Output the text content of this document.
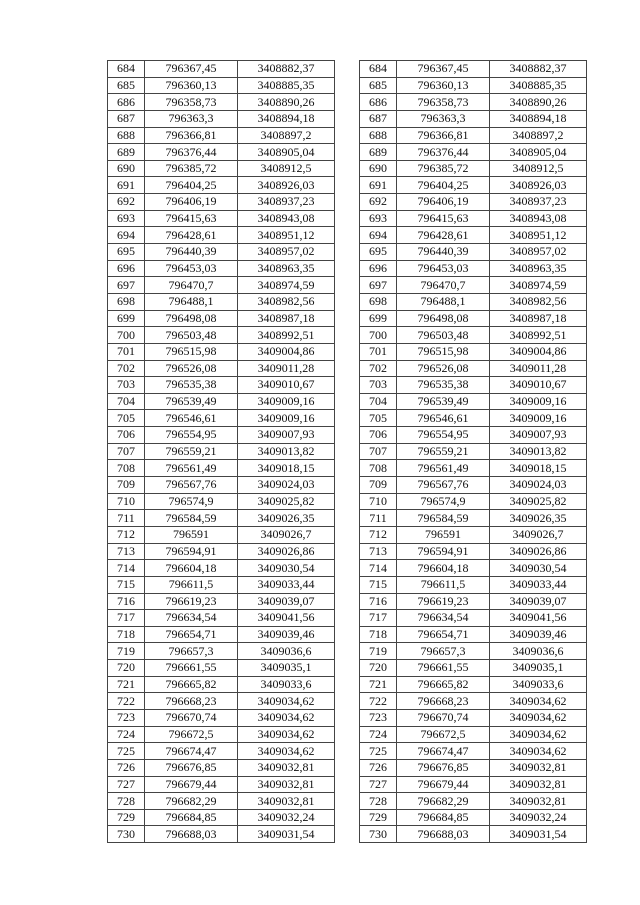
684	796367,45	3408882,37
685	796360,13	3408885,35
686	796358,73	3408890,26
687	796363,3	3408894,18
688	796366,81	3408897,2
689	796376,44	3408905,04
690	796385,72	3408912,5
691	796404,25	3408926,03
692	796406,19	3408937,23
693	796415,63	3408943,08
694	796428,61	3408951,12
695	796440,39	3408957,02
696	796453,03	3408963,35
697	796470,7	3408974,59
698	796488,1	3408982,56
699	796498,08	3408987,18
700	796503,48	3408992,51
701	796515,98	3409004,86
702	796526,08	3409011,28
703	796535,38	3409010,67
704	796539,49	3409009,16
705	796546,61	3409009,16
706	796554,95	3409007,93
707	796559,21	3409013,82
708	796561,49	3409018,15
709	796567,76	3409024,03
710	796574,9	3409025,82
711	796584,59	3409026,35
712	796591	3409026,7
713	796594,91	3409026,86
714	796604,18	3409030,54
715	796611,5	3409033,44
716	796619,23	3409039,07
717	796634,54	3409041,56
718	796654,71	3409039,46
719	796657,3	3409036,6
720	796661,55	3409035,1
721	796665,82	3409033,6
722	796668,23	3409034,62
723	796670,74	3409034,62
724	796672,5	3409034,62
725	796674,47	3409034,62
726	796676,85	3409032,81
727	796679,44	3409032,81
728	796682,29	3409032,81
729	796684,85	3409032,24
730	796688,03	3409031,54
684	796367,45	3408882,37
685	796360,13	3408885,35
686	796358,73	3408890,26
687	796363,3	3408894,18
688	796366,81	3408897,2
689	796376,44	3408905,04
690	796385,72	3408912,5
691	796404,25	3408926,03
692	796406,19	3408937,23
693	796415,63	3408943,08
694	796428,61	3408951,12
695	796440,39	3408957,02
696	796453,03	3408963,35
697	796470,7	3408974,59
698	796488,1	3408982,56
699	796498,08	3408987,18
700	796503,48	3408992,51
701	796515,98	3409004,86
702	796526,08	3409011,28
703	796535,38	3409010,67
704	796539,49	3409009,16
705	796546,61	3409009,16
706	796554,95	3409007,93
707	796559,21	3409013,82
708	796561,49	3409018,15
709	796567,76	3409024,03
710	796574,9	3409025,82
711	796584,59	3409026,35
712	796591	3409026,7
713	796594,91	3409026,86
714	796604,18	3409030,54
715	796611,5	3409033,44
716	796619,23	3409039,07
717	796634,54	3409041,56
718	796654,71	3409039,46
719	796657,3	3409036,6
720	796661,55	3409035,1
721	796665,82	3409033,6
722	796668,23	3409034,62
723	796670,74	3409034,62
724	796672,5	3409034,62
725	796674,47	3409034,62
726	796676,85	3409032,81
727	796679,44	3409032,81
728	796682,29	3409032,81
729	796684,85	3409032,24
730	796688,03	3409031,54
